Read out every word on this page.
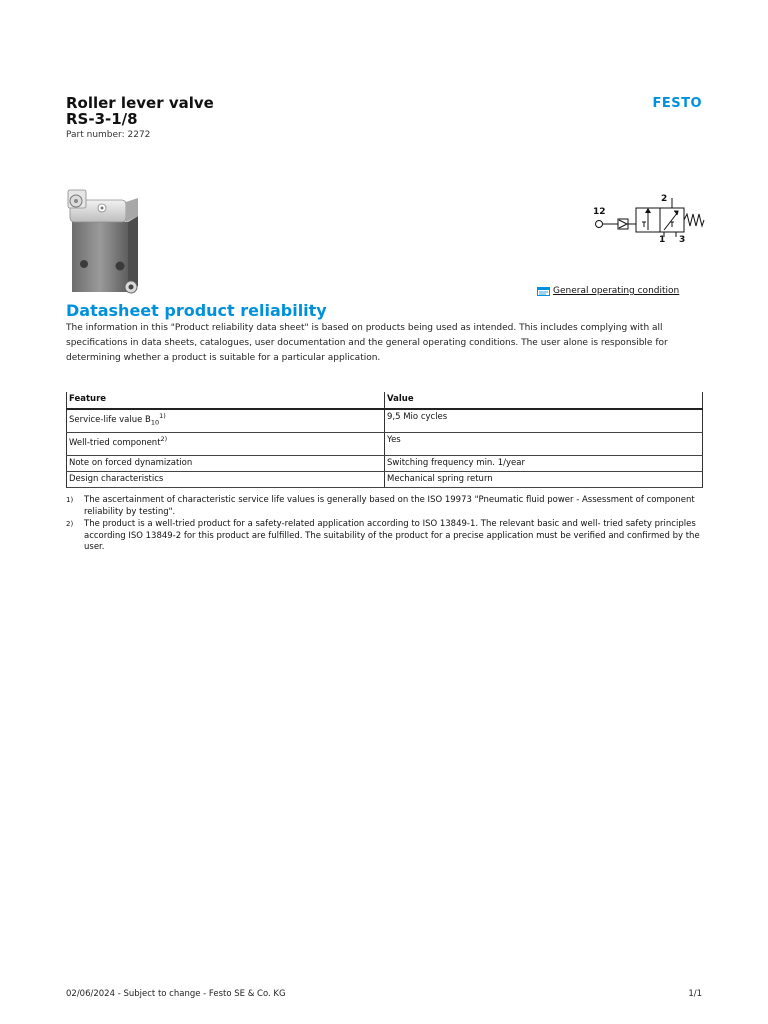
Roller lever valve
RS-3-1/8
Part number: 2272
FESTO
12
2
1 3
General operating condition
Datasheet product reliability
The information in this "Product reliability data sheet" is based on products being used as intended. This includes complying with all specifications in data sheets, catalogues, user documentation and the general operating conditions. The user alone is responsible for determining whether a product is suitable for a particular application.
Feature	Value
Service-life value $B_{10}^{1)}$	9,5 Mio cycles
Well-tried component$^{2)}$	Yes
Note on forced dynamization	Switching frequency min. 1/year
Design characteristics	Mechanical spring return
1)	The ascertainment of characteristic service life values is generally based on the ISO 19973 "Pneumatic fluid power - Assessment of component reliability by testing".
2)	The product is a well-tried product for a safety-related application according to ISO 13849-1. The relevant basic and well- tried safety principles according ISO 13849-2 for this product are fulfilled. The suitability of the product for a precise application must be verified and confirmed by the user.
02/06/2024 - Subject to change - Festo SE & Co. KG	1/1
